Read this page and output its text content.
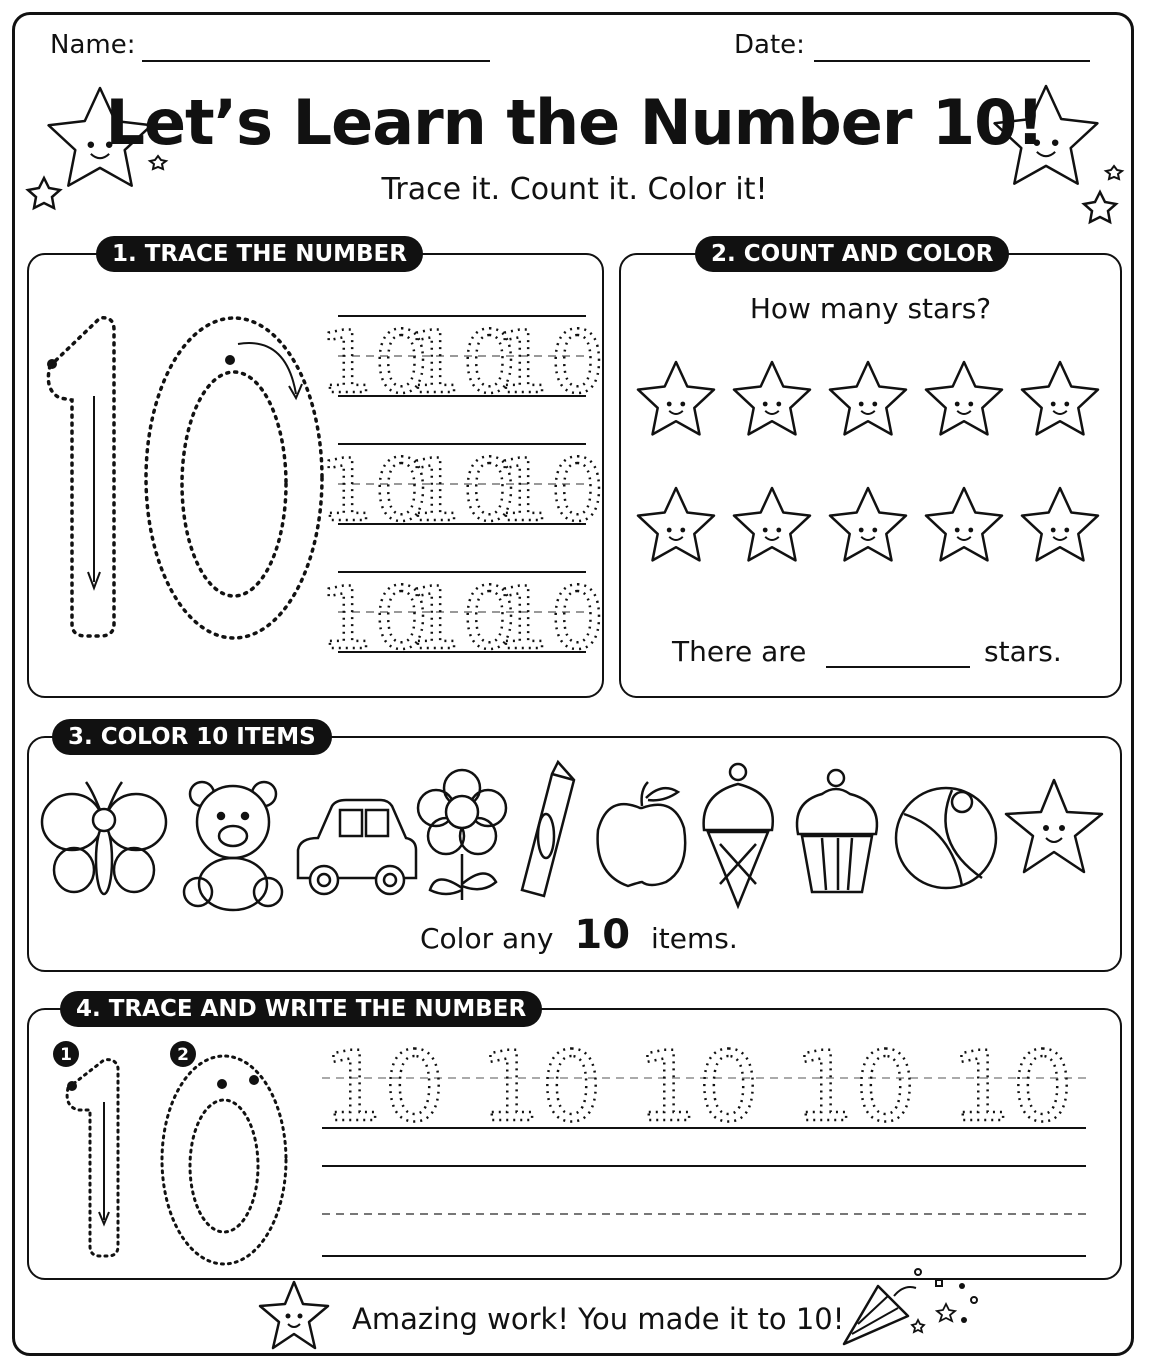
Name:	Date:
Let’s Learn the Number 10!
Trace it. Count it. Color it!
1. TRACE THE NUMBER
10
10
10
10
10
10
10
10
10
2. COUNT AND COLOR
How many stars?
There are	stars.
3. COLOR 10 ITEMS
Color any 10 items.
4. TRACE AND WRITE THE NUMBER
1	2 10 10 10 10 10
Amazing work! You made it to 10!
